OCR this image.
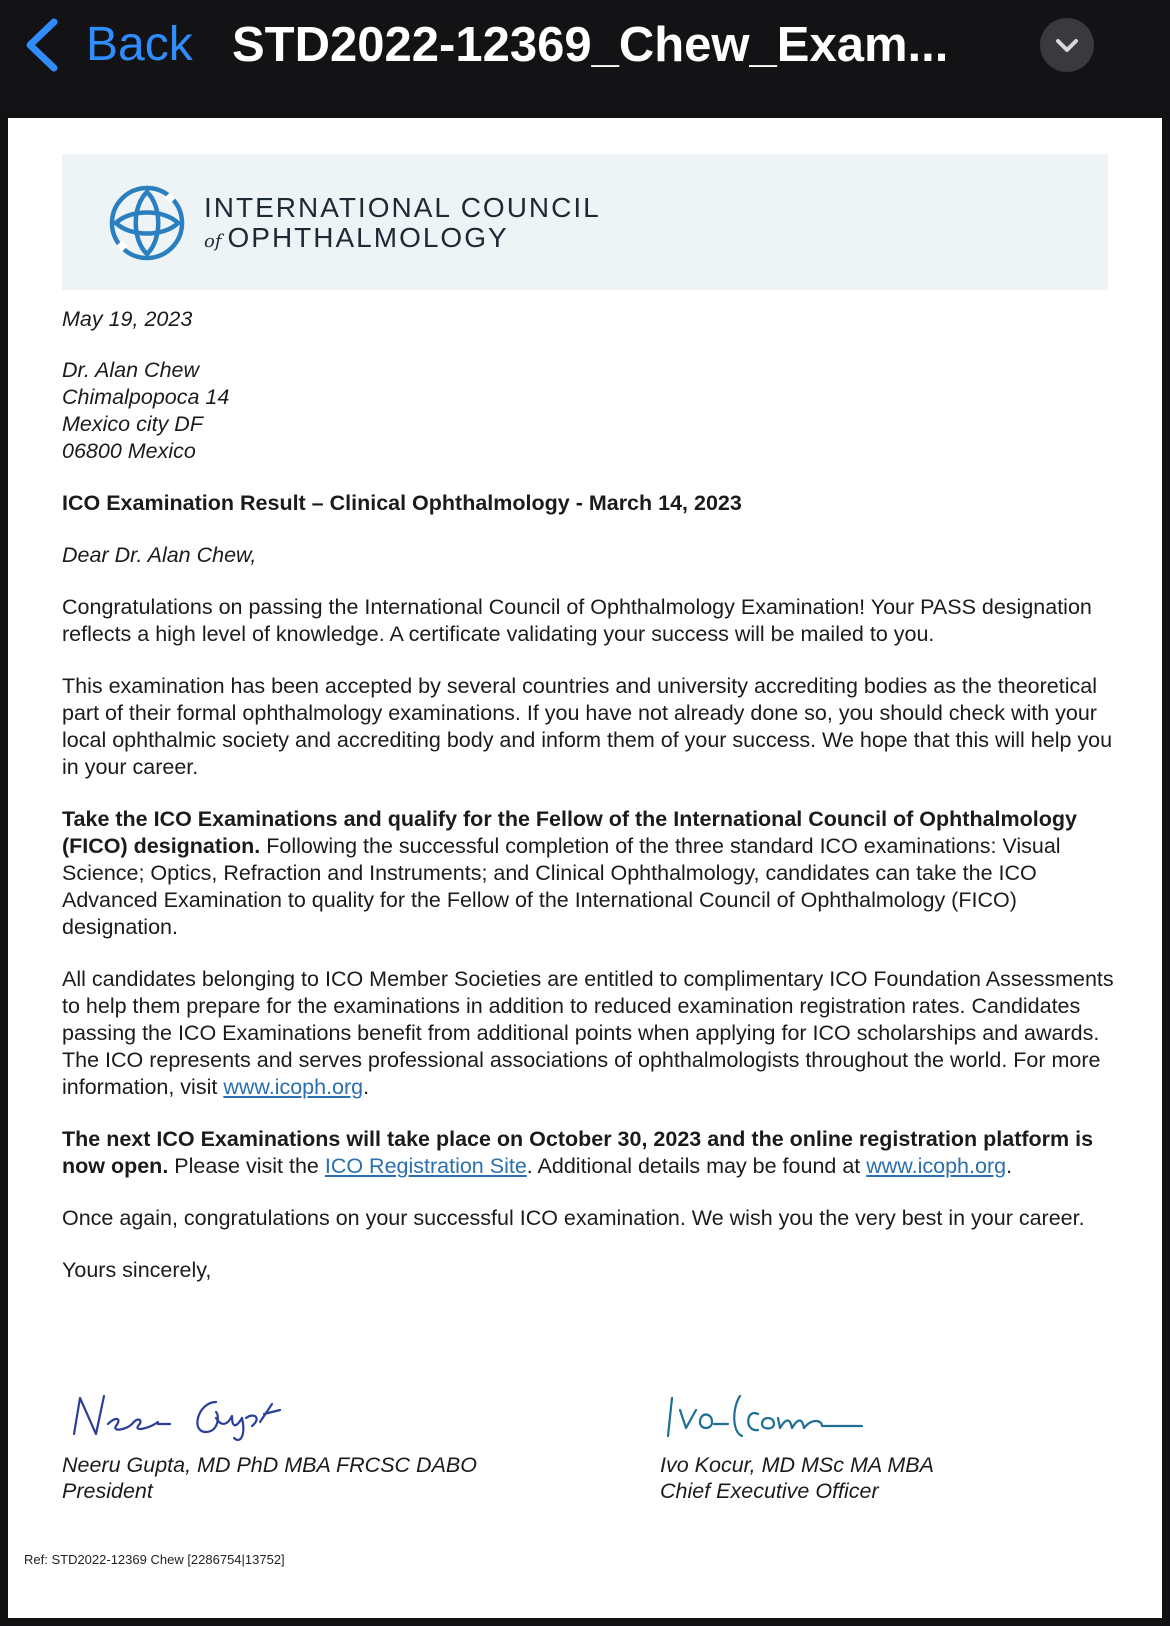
Back STD2022-12369_Chew_Exam...
INTERNATIONAL COUNCIL
of OPHTHALMOLOGY

May 19, 2023

Dr. Alan Chew
Chimalpopoca 14
Mexico city DF
06800 Mexico

ICO Examination Result – Clinical Ophthalmology - March 14, 2023

Dear Dr. Alan Chew,

Congratulations on passing the International Council of Ophthalmology Examination! Your PASS designation reflects a high level of knowledge. A certificate validating your success will be mailed to you.

This examination has been accepted by several countries and university accrediting bodies as the theoretical part of their formal ophthalmology examinations. If you have not already done so, you should check with your local ophthalmic society and accrediting body and inform them of your success. We hope that this will help you in your career.

Take the ICO Examinations and qualify for the Fellow of the International Council of Ophthalmology (FICO) designation. Following the successful completion of the three standard ICO examinations: Visual Science; Optics, Refraction and Instruments; and Clinical Ophthalmology, candidates can take the ICO Advanced Examination to quality for the Fellow of the International Council of Ophthalmology (FICO) designation.

All candidates belonging to ICO Member Societies are entitled to complimentary ICO Foundation Assessments to help them prepare for the examinations in addition to reduced examination registration rates. Candidates passing the ICO Examinations benefit from additional points when applying for ICO scholarships and awards. The ICO represents and serves professional associations of ophthalmologists throughout the world. For more information, visit www.icoph.org.

The next ICO Examinations will take place on October 30, 2023 and the online registration platform is now open. Please visit the ICO Registration Site. Additional details may be found at www.icoph.org.

Once again, congratulations on your successful ICO examination. We wish you the very best in your career.

Yours sincerely,

Neeru Gupta, MD PhD MBA FRCSC DABO
President
Ivo Kocur, MD MSc MA MBA
Chief Executive Officer
Ref: STD2022-12369 Chew [2286754|13752]
